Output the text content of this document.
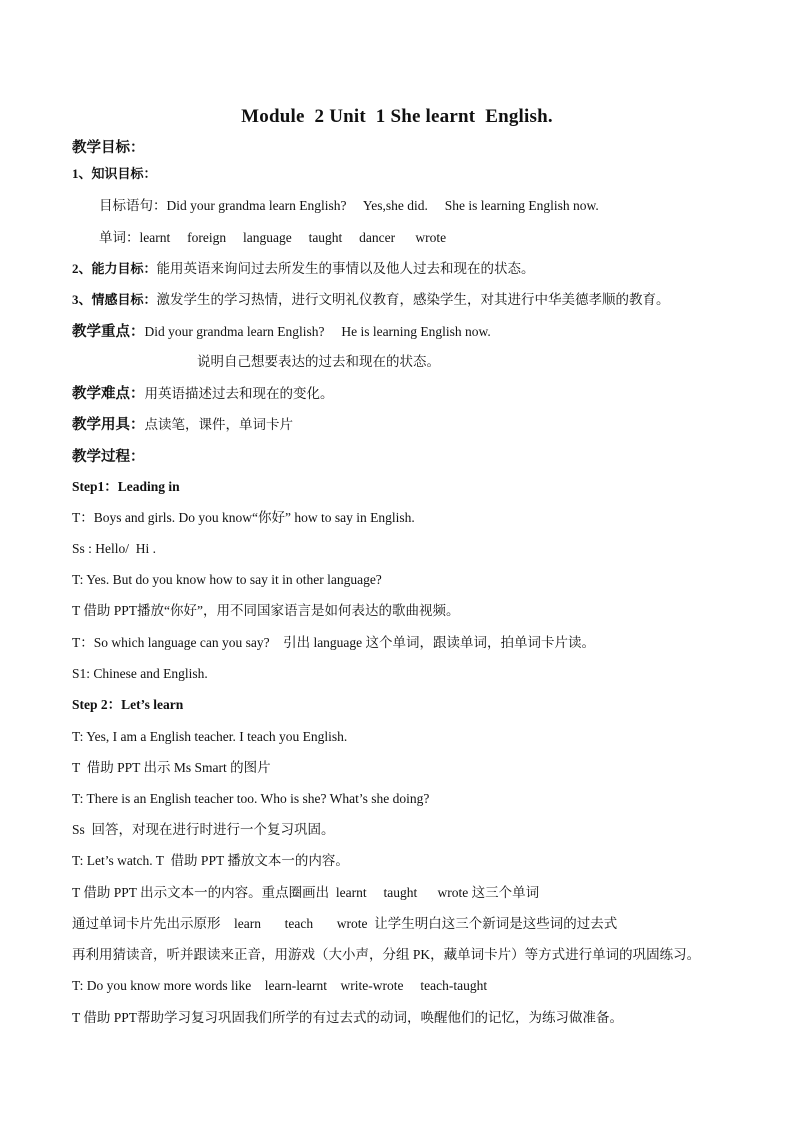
Module  2 Unit  1 She learnt  English.
教学目标：
1、知识目标：
目标语句：Did your grandma learn English?     Yes,she did.     She is learning English now.
单词：learnt     foreign     language     taught     dancer      wrote
2、能力目标：能用英语来询问过去所发生的事情以及他人过去和现在的状态。
3、情感目标：激发学生的学习热情，进行文明礼仪教育，感染学生，对其进行中华美德孝顺的教育。
教学重点：Did your grandma learn English?     He is learning English now.
说明自己想要表达的过去和现在的状态。
教学难点：用英语描述过去和现在的变化。
教学用具：点读笔，课件，单词卡片
教学过程：
Step1：Leading in
T：Boys and girls. Do you know“你好” how to say in English.
Ss : Hello/  Hi .
T: Yes. But do you know how to say it in other language?
T 借助 PPT播放“你好”，用不同国家语言是如何表达的歌曲视频。
T：So which language can you say?    引出 language 这个单词，跟读单词，拍单词卡片读。
S1: Chinese and English.
Step 2：Let’s learn
T: Yes, I am a English teacher. I teach you English.
T  借助 PPT 出示 Ms Smart 的图片
T: There is an English teacher too. Who is she? What’s she doing?
Ss  回答，对现在进行时进行一个复习巩固。
T: Let’s watch. T  借助 PPT 播放文本一的内容。
T 借助 PPT 出示文本一的内容。重点圈画出  learnt     taught      wrote 这三个单词
通过单词卡片先出示原形    learn       teach       wrote  让学生明白这三个新词是这些词的过去式
再利用猜读音，听并跟读来正音，用游戏（大小声，分组 PK，藏单词卡片）等方式进行单词的巩固练习。
T: Do you know more words like    learn-learnt    write-wrote     teach-taught
T 借助 PPT帮助学习复习巩固我们所学的有过去式的动词，唤醒他们的记忆，为练习做准备。
